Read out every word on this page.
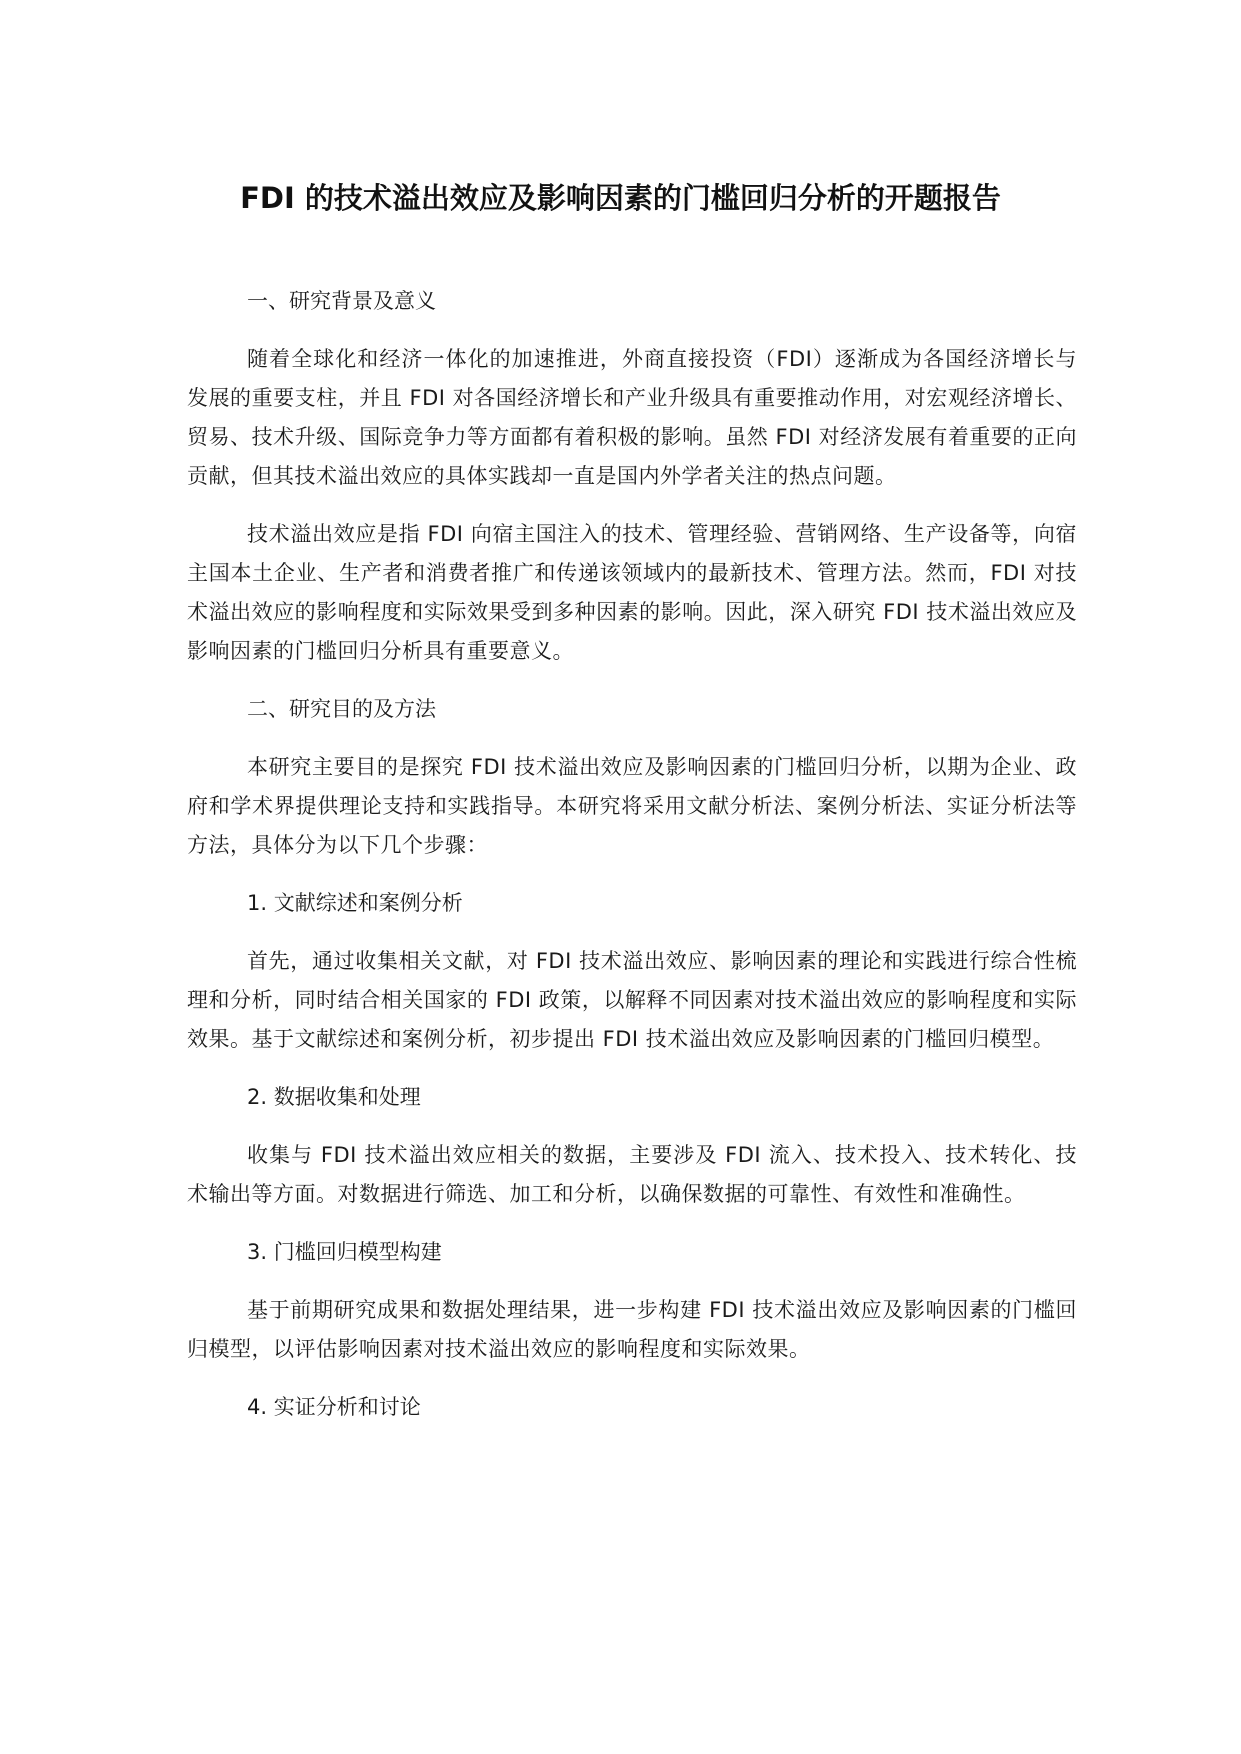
FDI 的技术溢出效应及影响因素的门槛回归分析的开题报告
一、研究背景及意义
随着全球化和经济一体化的加速推进，外商直接投资（FDI）逐渐成为各国经济增长与发展的重要支柱，并且 FDI 对各国经济增长和产业升级具有重要推动作用，对宏观经济增长、贸易、技术升级、国际竞争力等方面都有着积极的影响。虽然 FDI 对经济发展有着重要的正向贡献，但其技术溢出效应的具体实践却一直是国内外学者关注的热点问题。
技术溢出效应是指 FDI 向宿主国注入的技术、管理经验、营销网络、生产设备等，向宿主国本土企业、生产者和消费者推广和传递该领域内的最新技术、管理方法。然而，FDI 对技术溢出效应的影响程度和实际效果受到多种因素的影响。因此，深入研究 FDI 技术溢出效应及影响因素的门槛回归分析具有重要意义。
二、研究目的及方法
本研究主要目的是探究 FDI 技术溢出效应及影响因素的门槛回归分析，以期为企业、政府和学术界提供理论支持和实践指导。本研究将采用文献分析法、案例分析法、实证分析法等方法，具体分为以下几个步骤：
1. 文献综述和案例分析
首先，通过收集相关文献，对 FDI 技术溢出效应、影响因素的理论和实践进行综合性梳理和分析，同时结合相关国家的 FDI 政策，以解释不同因素对技术溢出效应的影响程度和实际效果。基于文献综述和案例分析，初步提出 FDI 技术溢出效应及影响因素的门槛回归模型。
2. 数据收集和处理
收集与 FDI 技术溢出效应相关的数据，主要涉及 FDI 流入、技术投入、技术转化、技术输出等方面。对数据进行筛选、加工和分析，以确保数据的可靠性、有效性和准确性。
3. 门槛回归模型构建
基于前期研究成果和数据处理结果，进一步构建 FDI 技术溢出效应及影响因素的门槛回归模型，以评估影响因素对技术溢出效应的影响程度和实际效果。
4. 实证分析和讨论
